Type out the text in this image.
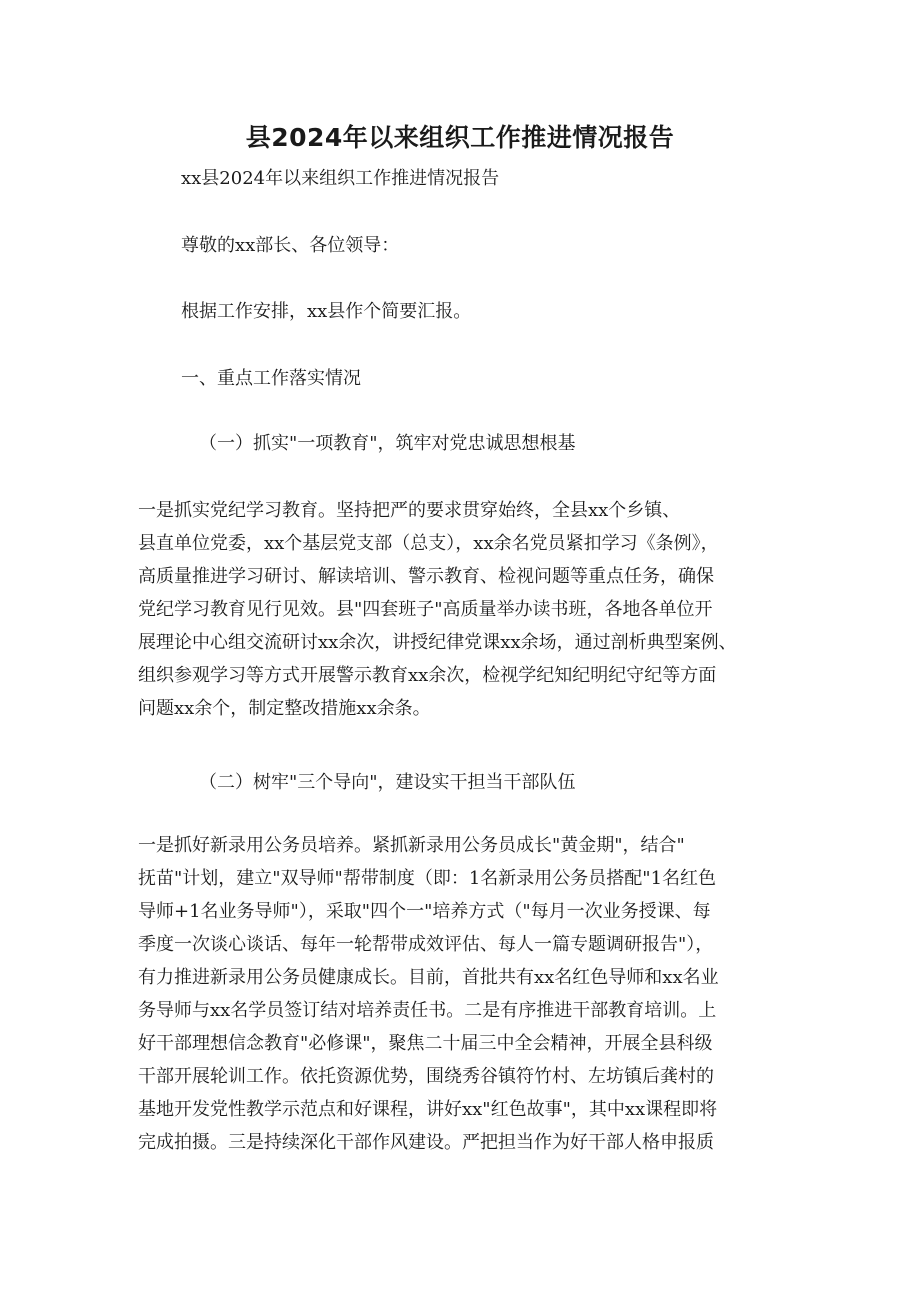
县2024年以来组织工作推进情况报告

xx县2024年以来组织工作推进情况报告

尊敬的xx部长、各位领导：

根据工作安排，xx县作个简要汇报。

一、重点工作落实情况

（一）抓实"一项教育"，筑牢对党忠诚思想根基

一是抓实党纪学习教育。坚持把严的要求贯穿始终，全县xx个乡镇、
县直单位党委，xx个基层党支部（总支），xx余名党员紧扣学习《条例》，
高质量推进学习研讨、解读培训、警示教育、检视问题等重点任务，确保
党纪学习教育见行见效。县"四套班子"高质量举办读书班，各地各单位开
展理论中心组交流研讨xx余次，讲授纪律党课xx余场，通过剖析典型案例、
组织参观学习等方式开展警示教育xx余次，检视学纪知纪明纪守纪等方面
问题xx余个，制定整改措施xx余条。

（二）树牢"三个导向"，建设实干担当干部队伍

一是抓好新录用公务员培养。紧抓新录用公务员成长"黄金期"，结合"
抚苗"计划，建立"双导师"帮带制度（即：1名新录用公务员搭配"1名红色
导师+1名业务导师"），采取"四个一"培养方式（"每月一次业务授课、每
季度一次谈心谈话、每年一轮帮带成效评估、每人一篇专题调研报告"），
有力推进新录用公务员健康成长。目前，首批共有xx名红色导师和xx名业
务导师与xx名学员签订结对培养责任书。二是有序推进干部教育培训。上
好干部理想信念教育"必修课"，聚焦二十届三中全会精神，开展全县科级
干部开展轮训工作。依托资源优势，围绕秀谷镇符竹村、左坊镇后龚村的
基地开发党性教学示范点和好课程，讲好xx"红色故事"，其中xx课程即将
完成拍摄。三是持续深化干部作风建设。严把担当作为好干部人格申报质
